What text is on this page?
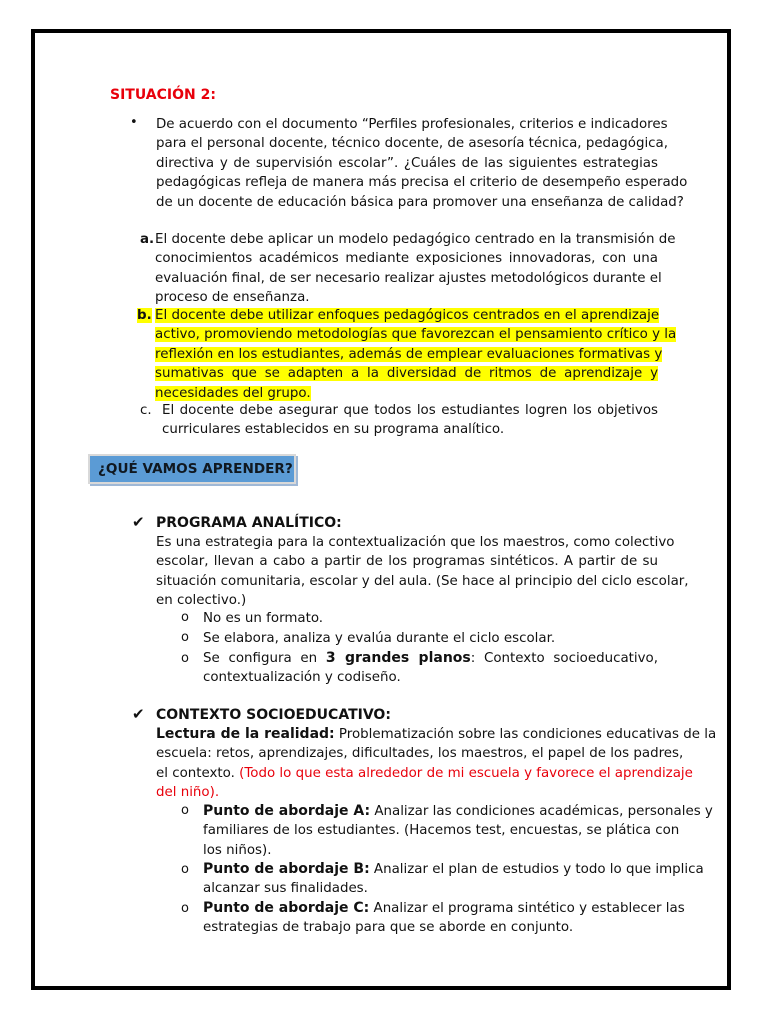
SITUACIÓN 2:
• De acuerdo con el documento “Perfiles profesionales, criterios e indicadores
para el personal docente, técnico docente, de asesoría técnica, pedagógica,
directiva y de supervisión escolar”. ¿Cuáles de las siguientes estrategias
pedagógicas refleja de manera más precisa el criterio de desempeño esperado
de un docente de educación básica para promover una enseñanza de calidad?
a. El docente debe aplicar un modelo pedagógico centrado en la transmisión de
conocimientos académicos mediante exposiciones innovadoras, con una
evaluación final, de ser necesario realizar ajustes metodológicos durante el
proceso de enseñanza.
b. El docente debe utilizar enfoques pedagógicos centrados en el aprendizaje
activo, promoviendo metodologías que favorezcan el pensamiento crítico y la
reflexión en los estudiantes, además de emplear evaluaciones formativas y
sumativas que se adapten a la diversidad de ritmos de aprendizaje y
necesidades del grupo.
c. El docente debe asegurar que todos los estudiantes logren los objetivos
curriculares establecidos en su programa analítico.
¿QUÉ VAMOS APRENDER?
✔ PROGRAMA ANALÍTICO:
Es una estrategia para la contextualización que los maestros, como colectivo
escolar, llevan a cabo a partir de los programas sintéticos. A partir de su
situación comunitaria, escolar y del aula. (Se hace al principio del ciclo escolar,
en colectivo.)
o No es un formato.
o Se elabora, analiza y evalúa durante el ciclo escolar.
o Se configura en 3 grandes planos: Contexto socioeducativo,
contextualización y codiseño.
✔ CONTEXTO SOCIOEDUCATIVO:
Lectura de la realidad: Problematización sobre las condiciones educativas de la
escuela: retos, aprendizajes, dificultades, los maestros, el papel de los padres,
el contexto. (Todo lo que esta alrededor de mi escuela y favorece el aprendizaje
del niño).
o Punto de abordaje A: Analizar las condiciones académicas, personales y
familiares de los estudiantes. (Hacemos test, encuestas, se plática con
los niños).
o Punto de abordaje B: Analizar el plan de estudios y todo lo que implica
alcanzar sus finalidades.
o Punto de abordaje C: Analizar el programa sintético y establecer las
estrategias de trabajo para que se aborde en conjunto.
